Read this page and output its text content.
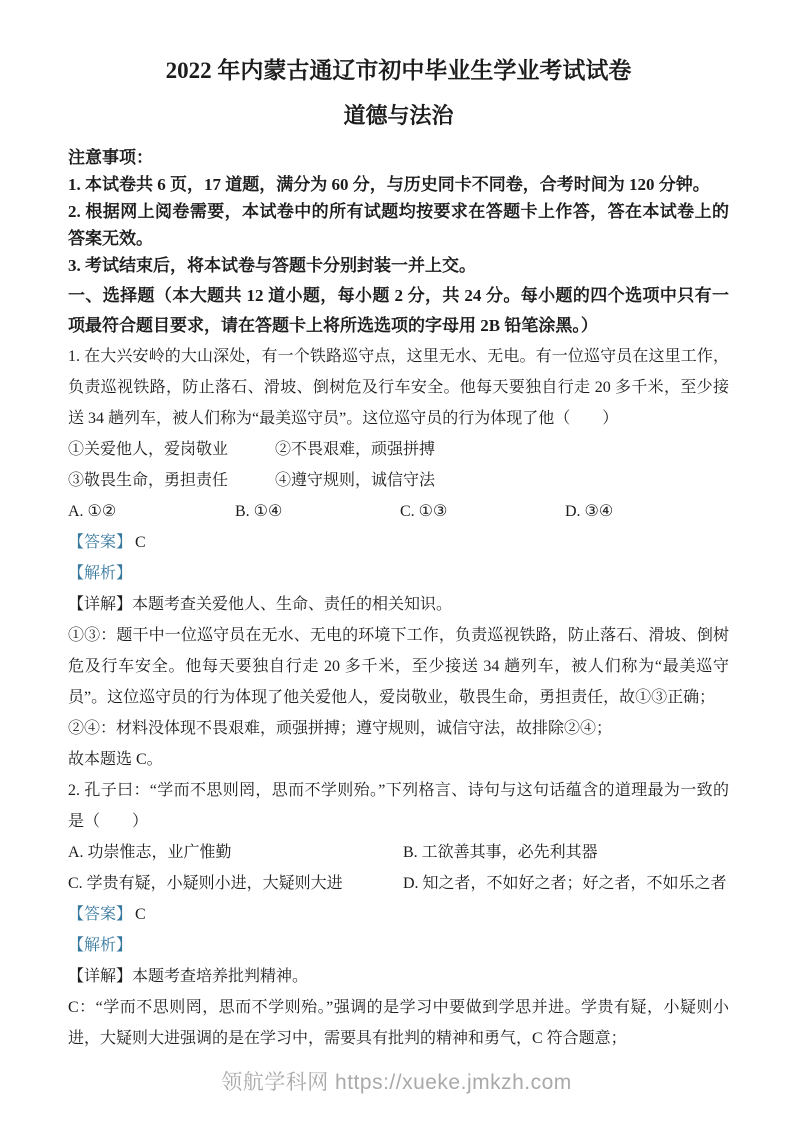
2022 年内蒙古通辽市初中毕业生学业考试试卷
道德与法治

注意事项：

1. 本试卷共 6 页，17 道题，满分为 60 分，与历史同卡不同卷，合考时间为 120 分钟。

2. 根据网上阅卷需要，本试卷中的所有试题均按要求在答题卡上作答，答在本试卷上的答案无效。

3. 考试结束后，将本试卷与答题卡分别封装一并上交。

一、选择题（本大题共 12 道小题，每小题 2 分，共 24 分。每小题的四个选项中只有一项最符合题目要求，请在答题卡上将所选选项的字母用 2B 铅笔涂黑。）

1. 在大兴安岭的大山深处，有一个铁路巡守点，这里无水、无电。有一位巡守员在这里工作，负责巡视铁路，防止落石、滑坡、倒树危及行车安全。他每天要独自行走 20 多千米，至少接送 34 趟列车，被人们称为“最美巡守员”。这位巡守员的行为体现了他（　　）

①关爱他人，爱岗敬业	②不畏艰难，顽强拼搏
③敬畏生命，勇担责任	④遵守规则，诚信守法
A. ①②	B. ①④	C. ①③	D. ③④

【答案】 C

【解析】

【详解】本题考查关爱他人、生命、责任的相关知识。

①③：题干中一位巡守员在无水、无电的环境下工作，负责巡视铁路，防止落石、滑坡、倒树危及行车安全。他每天要独自行走 20 多千米，至少接送 34 趟列车，被人们称为“最美巡守员”。这位巡守员的行为体现了他关爱他人，爱岗敬业，敬畏生命，勇担责任，故①③正确；

②④：材料没体现不畏艰难，顽强拼搏；遵守规则，诚信守法，故排除②④；

故本题选 C。

2. 孔子曰：“学而不思则罔，思而不学则殆。”下列格言、诗句与这句话蕴含的道理最为一致的是（　　）

A. 功崇惟志，业广惟勤	B. 工欲善其事，必先利其器
C. 学贵有疑，小疑则小进，大疑则大进	D. 知之者，不如好之者；好之者，不如乐之者

【答案】 C

【解析】

【详解】本题考查培养批判精神。

C：“学而不思则罔，思而不学则殆。”强调的是学习中要做到学思并进。学贵有疑，小疑则小进，大疑则大进强调的是在学习中，需要具有批判的精神和勇气，C 符合题意；

领航学科网 https://xueke.jmkzh.com
